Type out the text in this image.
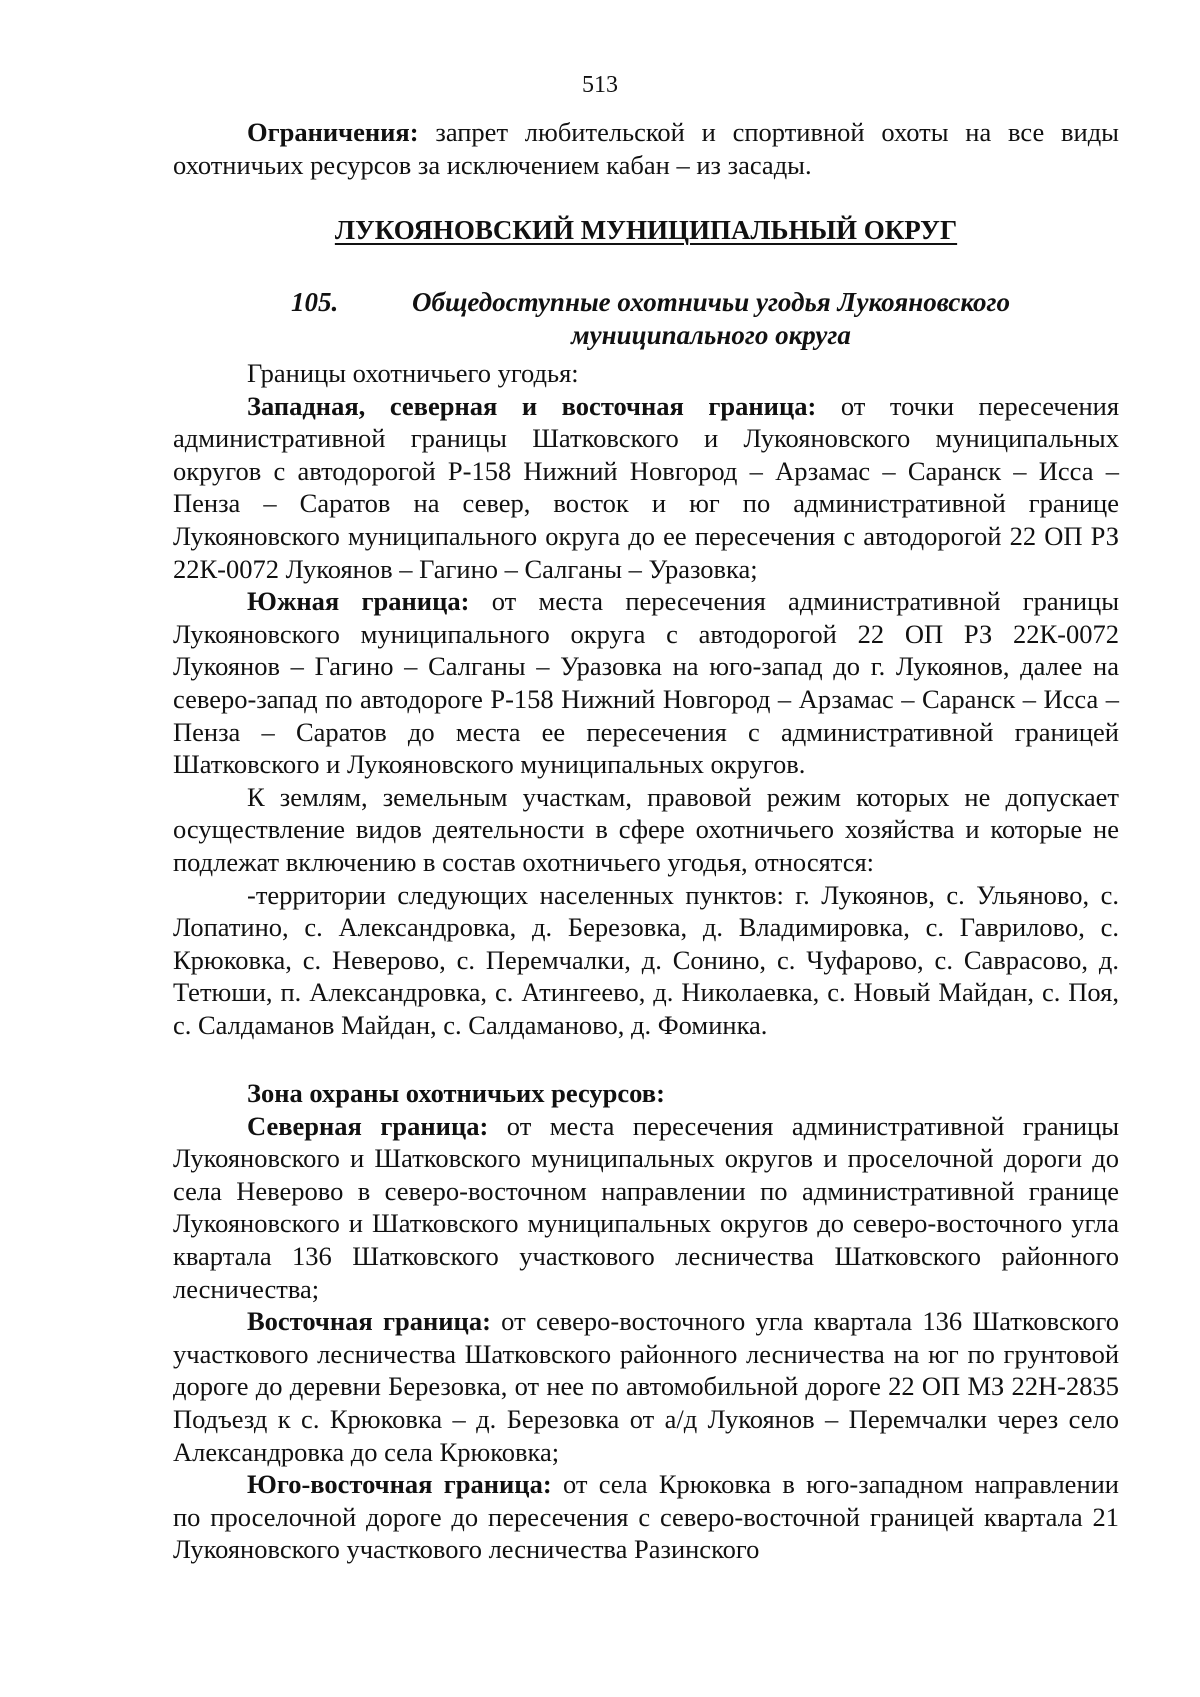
513

Ограничения: запрет любительской и спортивной охоты на все виды охотничьих ресурсов за исключением кабан – из засады.

ЛУКОЯНОВСКИЙ МУНИЦИПАЛЬНЫЙ ОКРУГ
105.	Общедоступные охотничьи угодья Лукояновского
муниципального округа

Границы охотничьего угодья:

Западная, северная и восточная граница: от точки пересечения административной границы Шатковского и Лукояновского муниципальных округов с автодорогой Р-158 Нижний Новгород – Арзамас – Саранск – Исса – Пенза – Саратов на север, восток и юг по административной границе Лукояновского муниципального округа до ее пересечения с автодорогой 22 ОП РЗ 22К-0072 Лукоянов – Гагино – Салганы – Уразовка;

Южная граница: от места пересечения административной границы Лукояновского муниципального округа с автодорогой 22 ОП РЗ 22К-0072 Лукоянов – Гагино – Салганы – Уразовка на юго-запад до г. Лукоянов, далее на северо-запад по автодороге Р-158 Нижний Новгород – Арзамас – Саранск – Исса – Пенза – Саратов до места ее пересечения с административной границей Шатковского и Лукояновского муниципальных округов.

К землям, земельным участкам, правовой режим которых не допускает осуществление видов деятельности в сфере охотничьего хозяйства и которые не подлежат включению в состав охотничьего угодья, относятся:

-территории следующих населенных пунктов: г. Лукоянов, с. Ульяново, с. Лопатино, с. Александровка, д. Березовка, д. Владимировка, с. Гаврилово, с. Крюковка, с. Неверово, с. Перемчалки, д. Сонино, с. Чуфарово, с. Саврасово, д. Тетюши, п. Александровка, с. Атингеево, д. Николаевка, с. Новый Майдан, с. Поя, с. Салдаманов Майдан, с. Салдаманово, д. Фоминка.

Зона охраны охотничьих ресурсов:

Северная граница: от места пересечения административной границы Лукояновского и Шатковского муниципальных округов и проселочной дороги до села Неверово в северо-восточном направлении по административной границе Лукояновского и Шатковского муниципальных округов до северо-восточного угла квартала 136 Шатковского участкового лесничества Шатковского районного лесничества;

Восточная граница: от северо-восточного угла квартала 136 Шатковского участкового лесничества Шатковского районного лесничества на юг по грунтовой дороге до деревни Березовка, от нее по автомобильной дороге 22 ОП МЗ 22Н-2835 Подъезд к с. Крюковка – д. Березовка от а/д Лукоянов – Перемчалки через село Александровка до села Крюковка;

Юго-восточная граница: от села Крюковка в юго-западном направлении по проселочной дороге до пересечения с северо-восточной границей квартала 21 Лукояновского участкового лесничества Разинского
